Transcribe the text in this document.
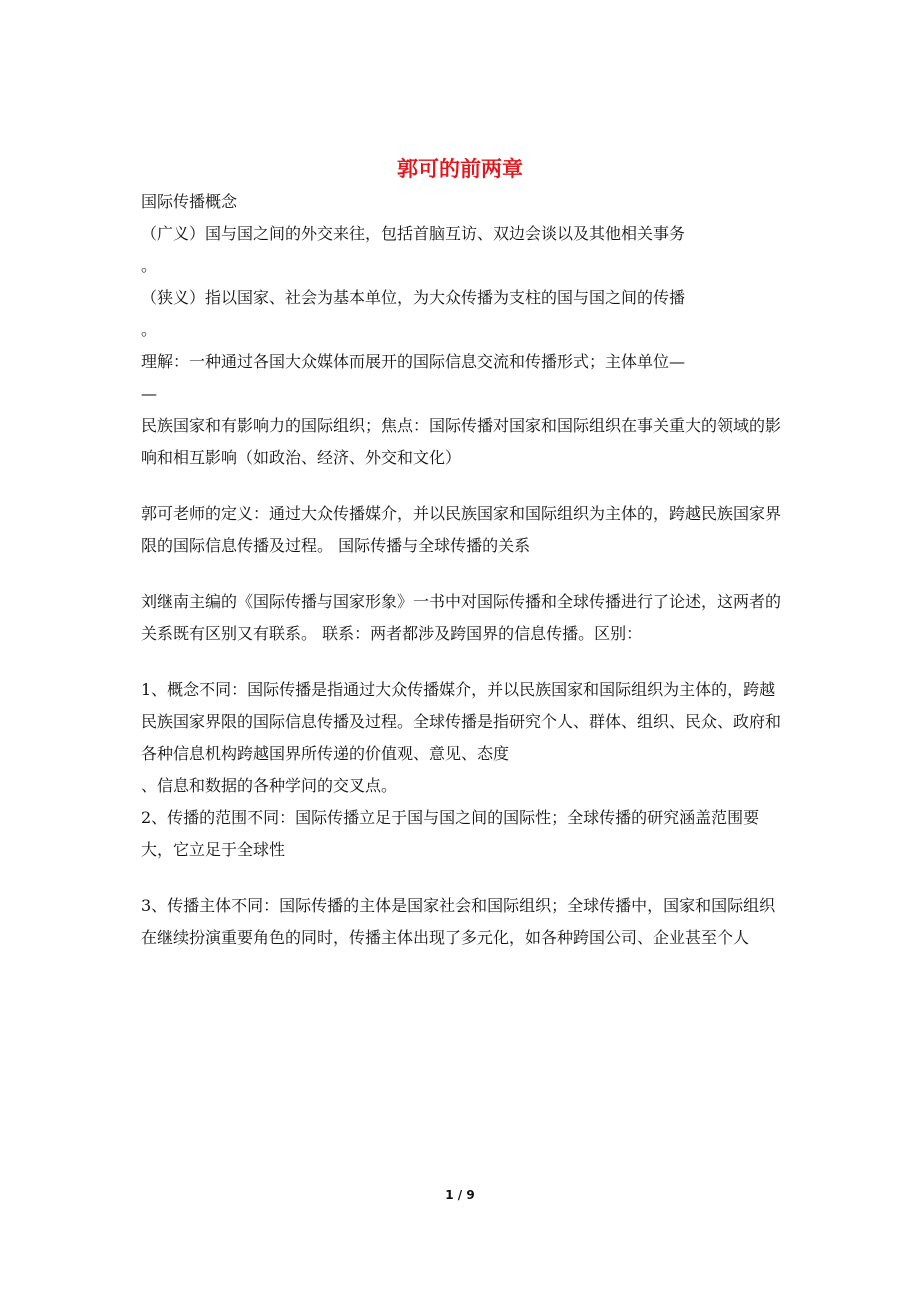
郭可的前两章

国际传播概念

（广义）国与国之间的外交来往，包括首脑互访、双边会谈以及其他相关事务

。

（狭义）指以国家、社会为基本单位，为大众传播为支柱的国与国之间的传播

。

理解：一种通过各国大众媒体而展开的国际信息交流和传播形式；主体单位—

—

民族国家和有影响力的国际组织；焦点：国际传播对国家和国际组织在事关重大的领域的影响和相互影响（如政治、经济、外交和文化）

郭可老师的定义：通过大众传播媒介，并以民族国家和国际组织为主体的，跨越民族国家界限的国际信息传播及过程。 国际传播与全球传播的关系

刘继南主编的《国际传播与国家形象》一书中对国际传播和全球传播进行了论述，这两者的关系既有区别又有联系。 联系：两者都涉及跨国界的信息传播。区别：

1、概念不同：国际传播是指通过大众传播媒介，并以民族国家和国际组织为主体的，跨越民族国家界限的国际信息传播及过程。全球传播是指研究个人、群体、组织、民众、政府和各种信息机构跨越国界所传递的价值观、意见、态度

、信息和数据的各种学问的交叉点。

2、传播的范围不同：国际传播立足于国与国之间的国际性；全球传播的研究涵盖范围要大，它立足于全球性

3、传播主体不同：国际传播的主体是国家社会和国际组织；全球传播中，国家和国际组织在继续扮演重要角色的同时，传播主体出现了多元化，如各种跨国公司、企业甚至个人

1 / 9
